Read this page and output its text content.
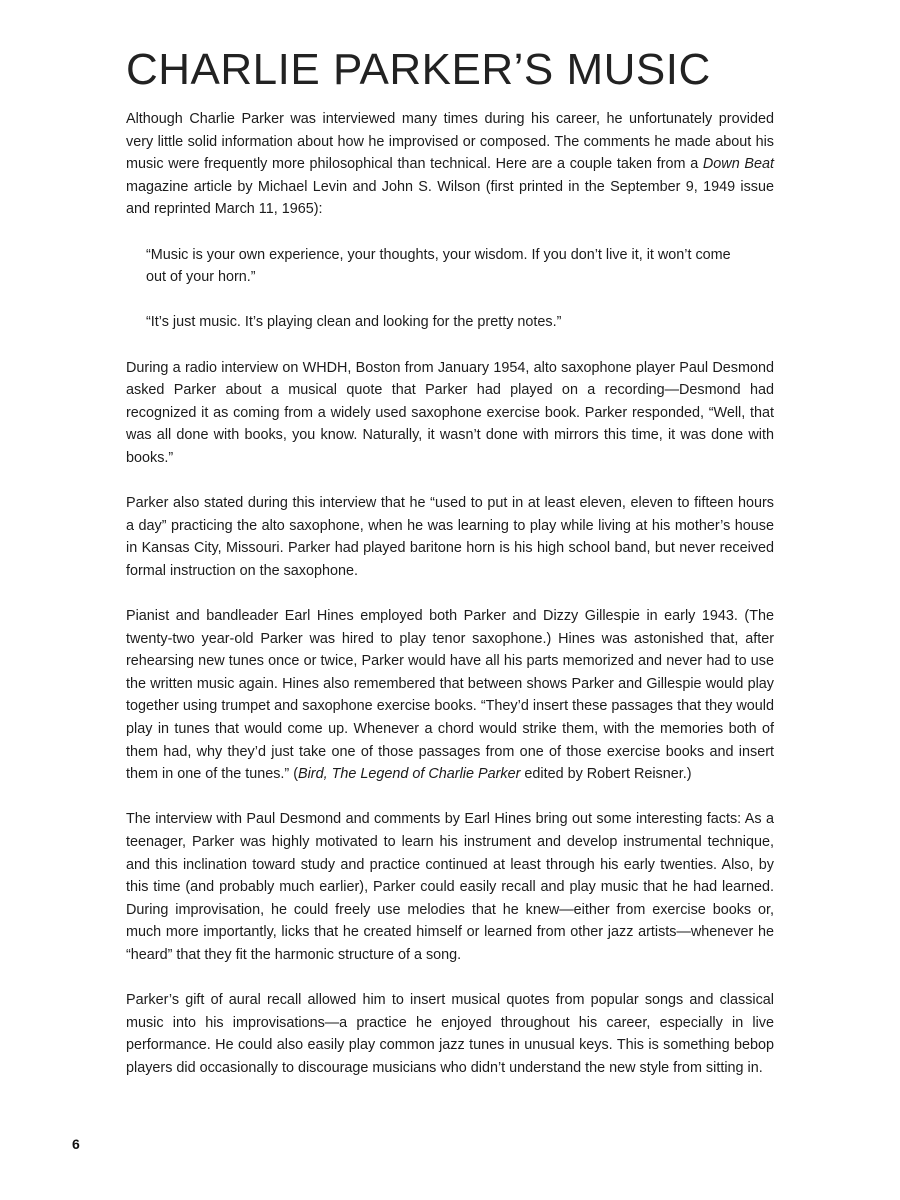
CHARLIE PARKER’S MUSIC

Although Charlie Parker was interviewed many times during his career, he unfortunately provided very little solid information about how he improvised or composed. The comments he made about his music were frequently more philosophical than technical. Here are a couple taken from a Down Beat magazine article by Michael Levin and John S. Wilson (first printed in the September 9, 1949 issue and reprinted March 11, 1965):

“Music is your own experience, your thoughts, your wisdom. If you don’t live it, it won’t come out of your horn.”

“It’s just music. It’s playing clean and looking for the pretty notes.”

During a radio interview on WHDH, Boston from January 1954, alto saxophone player Paul Desmond asked Parker about a musical quote that Parker had played on a recording—Desmond had recognized it as coming from a widely used saxophone exercise book. Parker responded, “Well, that was all done with books, you know. Naturally, it wasn’t done with mirrors this time, it was done with books.”

Parker also stated during this interview that he “used to put in at least eleven, eleven to fifteen hours a day” practicing the alto saxophone, when he was learning to play while living at his mother’s house in Kansas City, Missouri. Parker had played baritone horn is his high school band, but never received formal instruction on the saxophone.

Pianist and bandleader Earl Hines employed both Parker and Dizzy Gillespie in early 1943. (The twenty-two year-old Parker was hired to play tenor saxophone.) Hines was astonished that, after rehearsing new tunes once or twice, Parker would have all his parts memorized and never had to use the written music again. Hines also remembered that between shows Parker and Gillespie would play together using trumpet and saxophone exercise books. “They’d insert these passages that they would play in tunes that would come up. Whenever a chord would strike them, with the memories both of them had, why they’d just take one of those passages from one of those exercise books and insert them in one of the tunes.” (Bird, The Legend of Charlie Parker edited by Robert Reisner.)

The interview with Paul Desmond and comments by Earl Hines bring out some interesting facts: As a teenager, Parker was highly motivated to learn his instrument and develop instrumental technique, and this inclination toward study and practice continued at least through his early twenties. Also, by this time (and probably much earlier), Parker could easily recall and play music that he had learned. During improvisation, he could freely use melodies that he knew—either from exercise books or, much more importantly, licks that he created himself or learned from other jazz artists—whenever he “heard” that they fit the harmonic structure of a song.

Parker’s gift of aural recall allowed him to insert musical quotes from popular songs and classical music into his improvisations—a practice he enjoyed throughout his career, especially in live performance. He could also easily play common jazz tunes in unusual keys. This is something bebop players did occasionally to discourage musicians who didn’t understand the new style from sitting in.

6
